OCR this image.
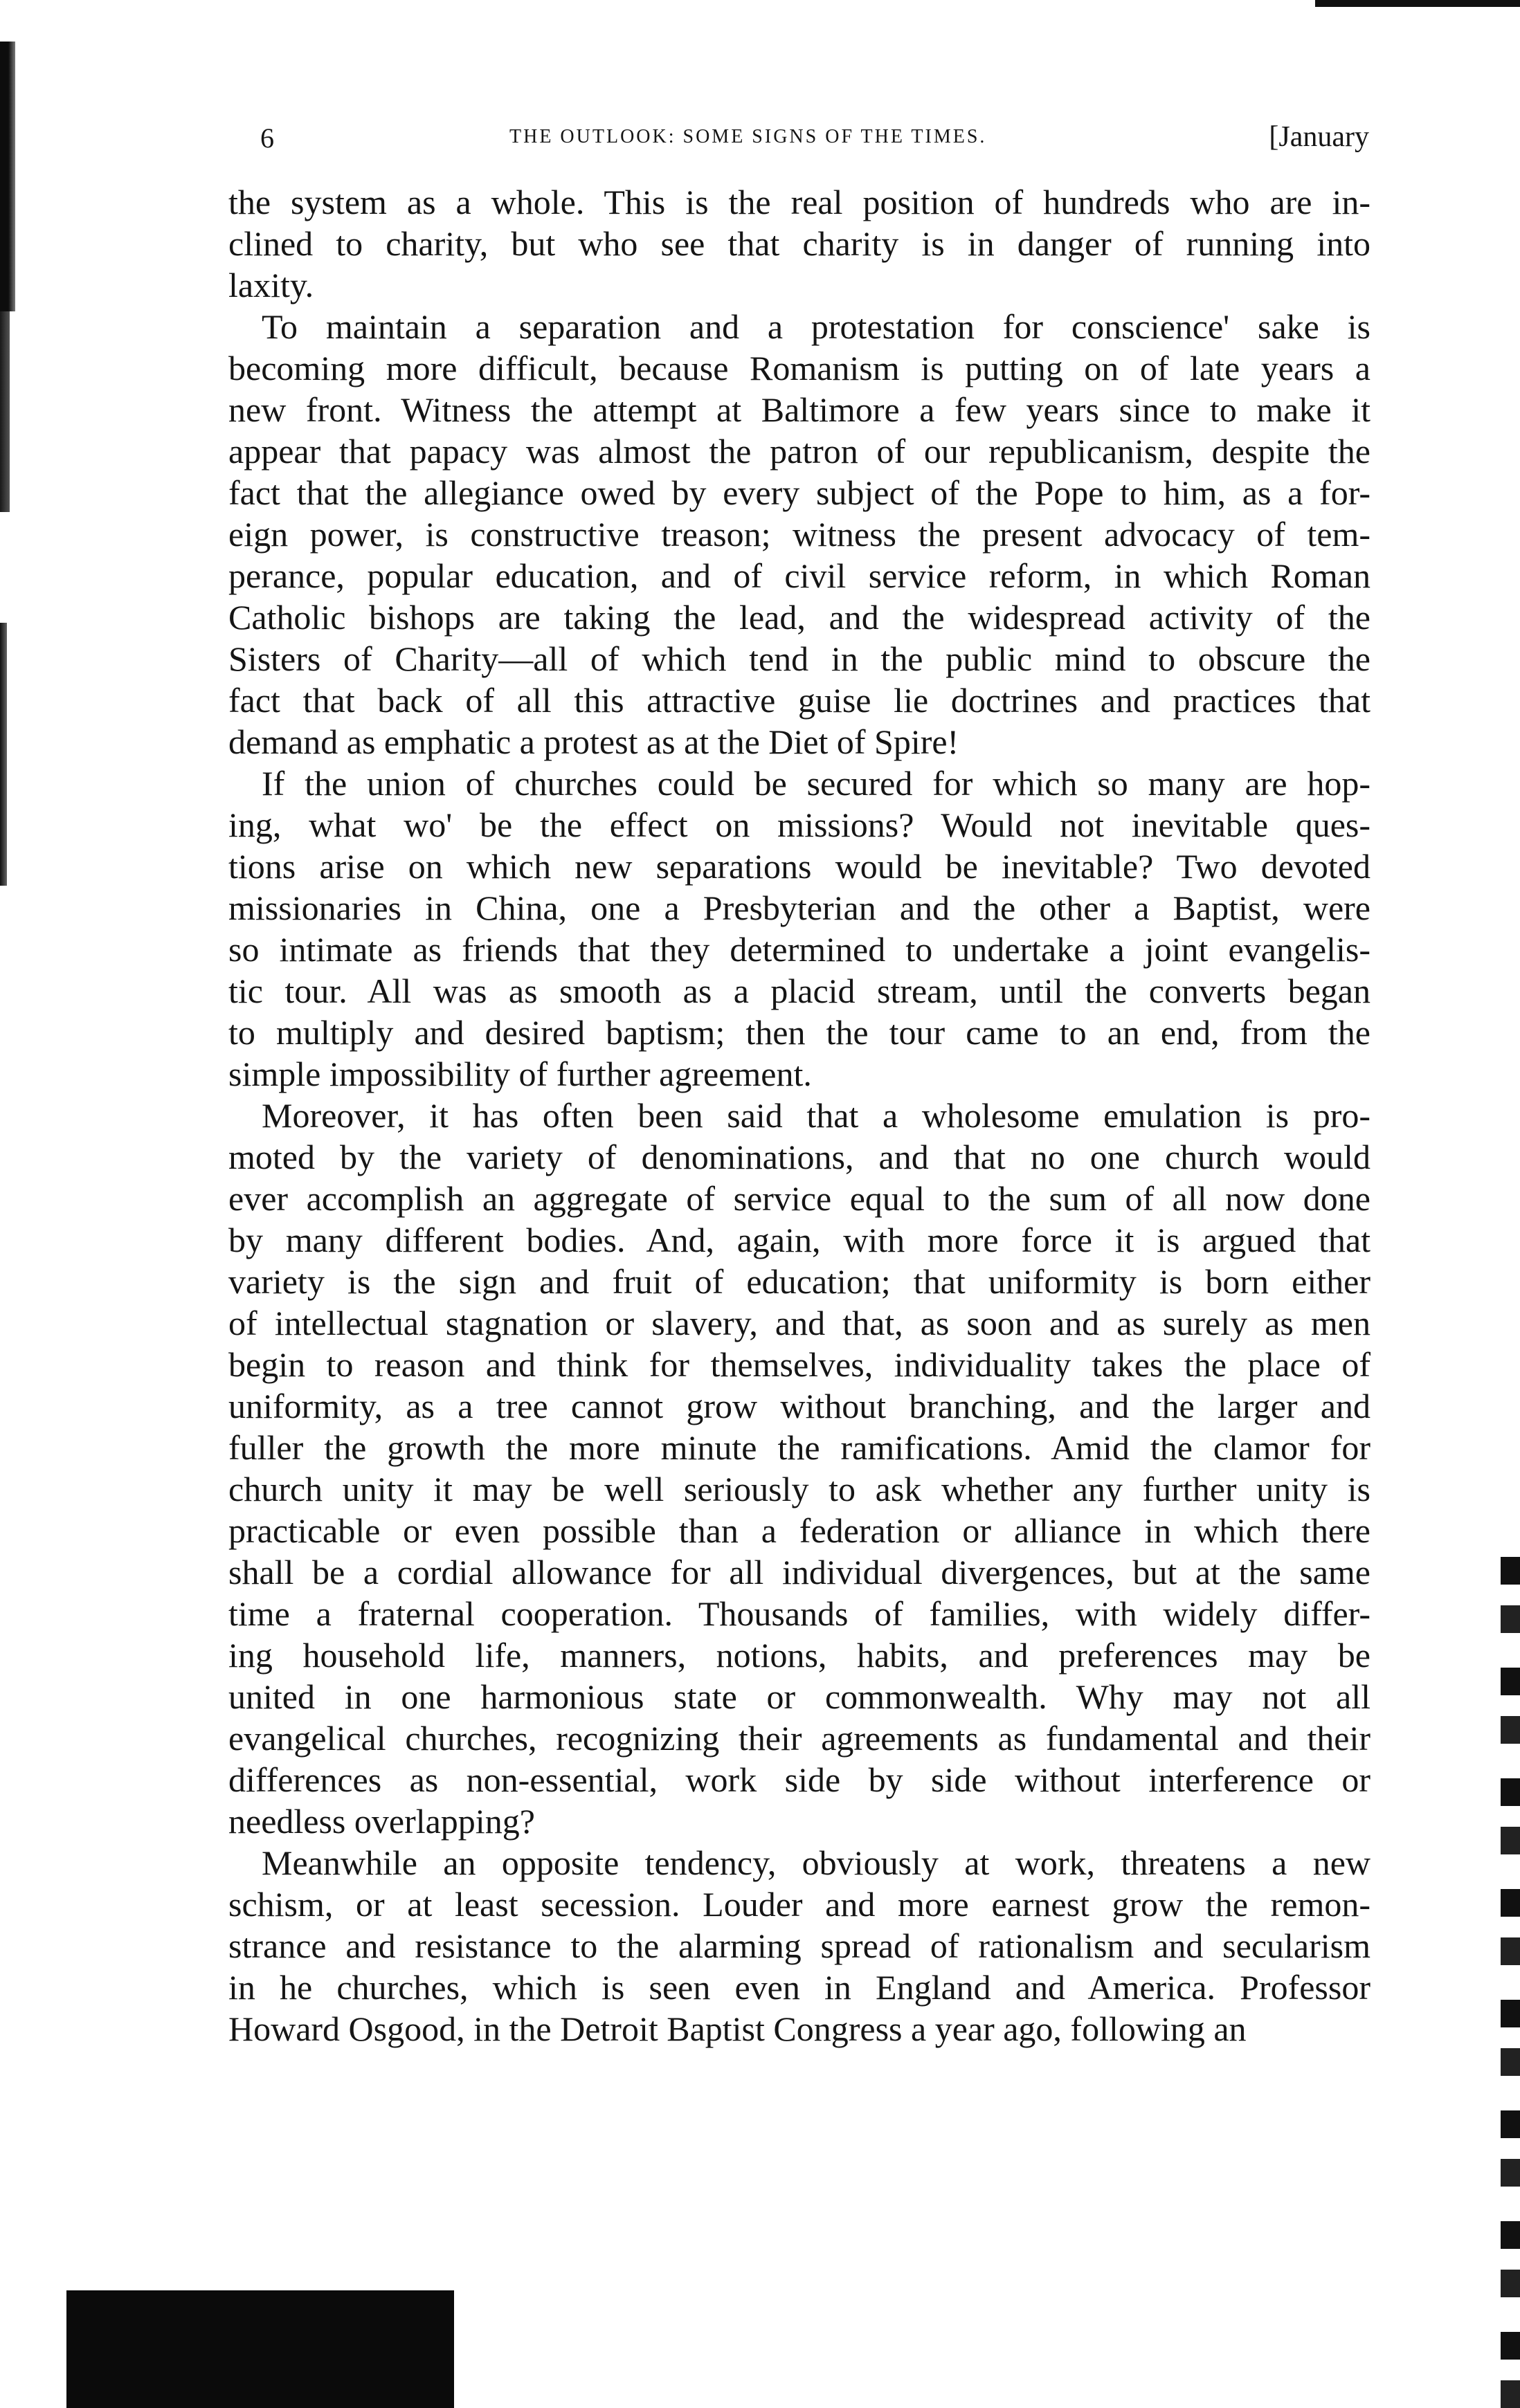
6	THE OUTLOOK: SOME SIGNS OF THE TIMES.	[January
the system as a whole. This is the real position of hundreds who are in-
clined to charity, but who see that charity is in danger of running into
laxity.
To maintain a separation and a protestation for conscience' sake is
becoming more difficult, because Romanism is putting on of late years a
new front. Witness the attempt at Baltimore a few years since to make it
appear that papacy was almost the patron of our republicanism, despite the
fact that the allegiance owed by every subject of the Pope to him, as a for-
eign power, is constructive treason; witness the present advocacy of tem-
perance, popular education, and of civil service reform, in which Roman
Catholic bishops are taking the lead, and the widespread activity of the
Sisters of Charity—all of which tend in the public mind to obscure the
fact that back of all this attractive guise lie doctrines and practices that
demand as emphatic a protest as at the Diet of Spire!
If the union of churches could be secured for which so many are hop-
ing, what wo' be the effect on missions? Would not inevitable ques-
tions arise on which new separations would be inevitable? Two devoted
missionaries in China, one a Presbyterian and the other a Baptist, were
so intimate as friends that they determined to undertake a joint evangelis-
tic tour. All was as smooth as a placid stream, until the converts began
to multiply and desired baptism; then the tour came to an end, from the
simple impossibility of further agreement.
Moreover, it has often been said that a wholesome emulation is pro-
moted by the variety of denominations, and that no one church would
ever accomplish an aggregate of service equal to the sum of all now done
by many different bodies. And, again, with more force it is argued that
variety is the sign and fruit of education; that uniformity is born either
of intellectual stagnation or slavery, and that, as soon and as surely as men
begin to reason and think for themselves, individuality takes the place of
uniformity, as a tree cannot grow without branching, and the larger and
fuller the growth the more minute the ramifications. Amid the clamor for
church unity it may be well seriously to ask whether any further unity is
practicable or even possible than a federation or alliance in which there
shall be a cordial allowance for all individual divergences, but at the same
time a fraternal cooperation. Thousands of families, with widely differ-
ing household life, manners, notions, habits, and preferences may be
united in one harmonious state or commonwealth. Why may not all
evangelical churches, recognizing their agreements as fundamental and their
differences as non-essential, work side by side without interference or
needless overlapping?
Meanwhile an opposite tendency, obviously at work, threatens a new
schism, or at least secession. Louder and more earnest grow the remon-
strance and resistance to the alarming spread of rationalism and secularism
in he churches, which is seen even in England and America. Professor
Howard Osgood, in the Detroit Baptist Congress a year ago, following an
